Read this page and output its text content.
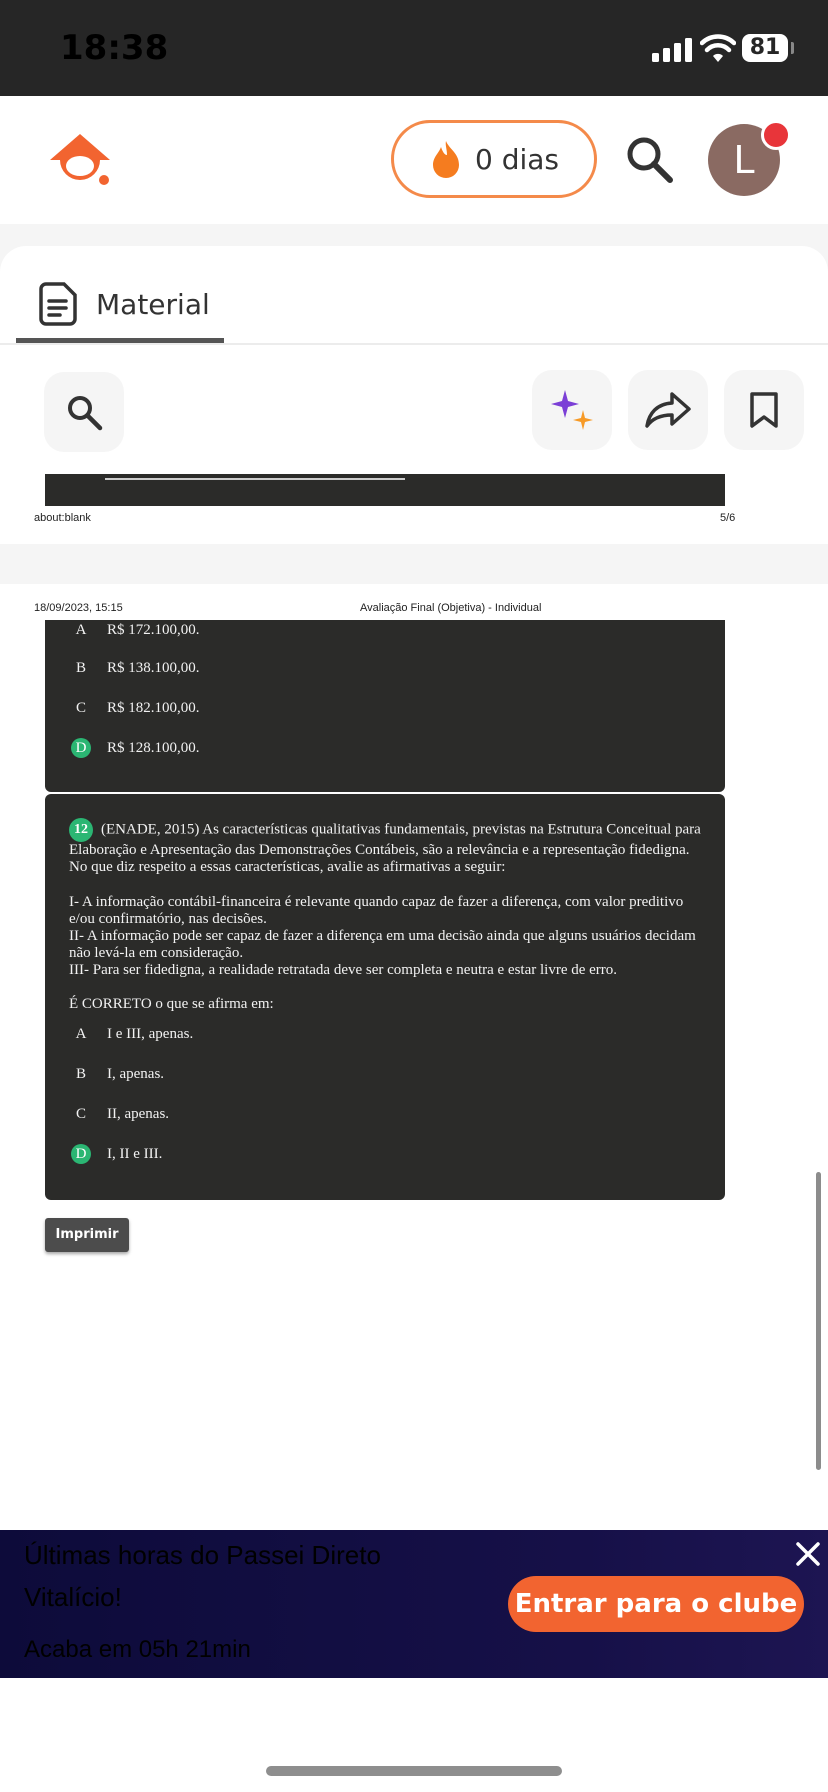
18:38	81
0 dias	L
Material
about:blank	5/6
18/09/2023, 15:15	Avaliação Final (Objetiva) - Individual
A	R$ 172.100,00.
B	R$ 138.100,00.
C	R$ 182.100,00.
D	R$ 128.100,00.
12 (ENADE, 2015) As características qualitativas fundamentais, previstas na Estrutura Conceitual para Elaboração e Apresentação das Demonstrações Contábeis, são a relevância e a representação fidedigna. No que diz respeito a essas características, avalie as afirmativas a seguir:
I- A informação contábil-financeira é relevante quando capaz de fazer a diferença, com valor preditivo e/ou confirmatório, nas decisões.
II- A informação pode ser capaz de fazer a diferença em uma decisão ainda que alguns usuários decidam não levá-la em consideração.
III- Para ser fidedigna, a realidade retratada deve ser completa e neutra e estar livre de erro.
É CORRETO o que se afirma em:
A	I e III, apenas.
B	I, apenas.
C	II, apenas.
D	I, II e III.
Imprimir
Últimas horas do Passei Direto
Vitalício!
Acaba em 05h 21min
Entrar para o clube
